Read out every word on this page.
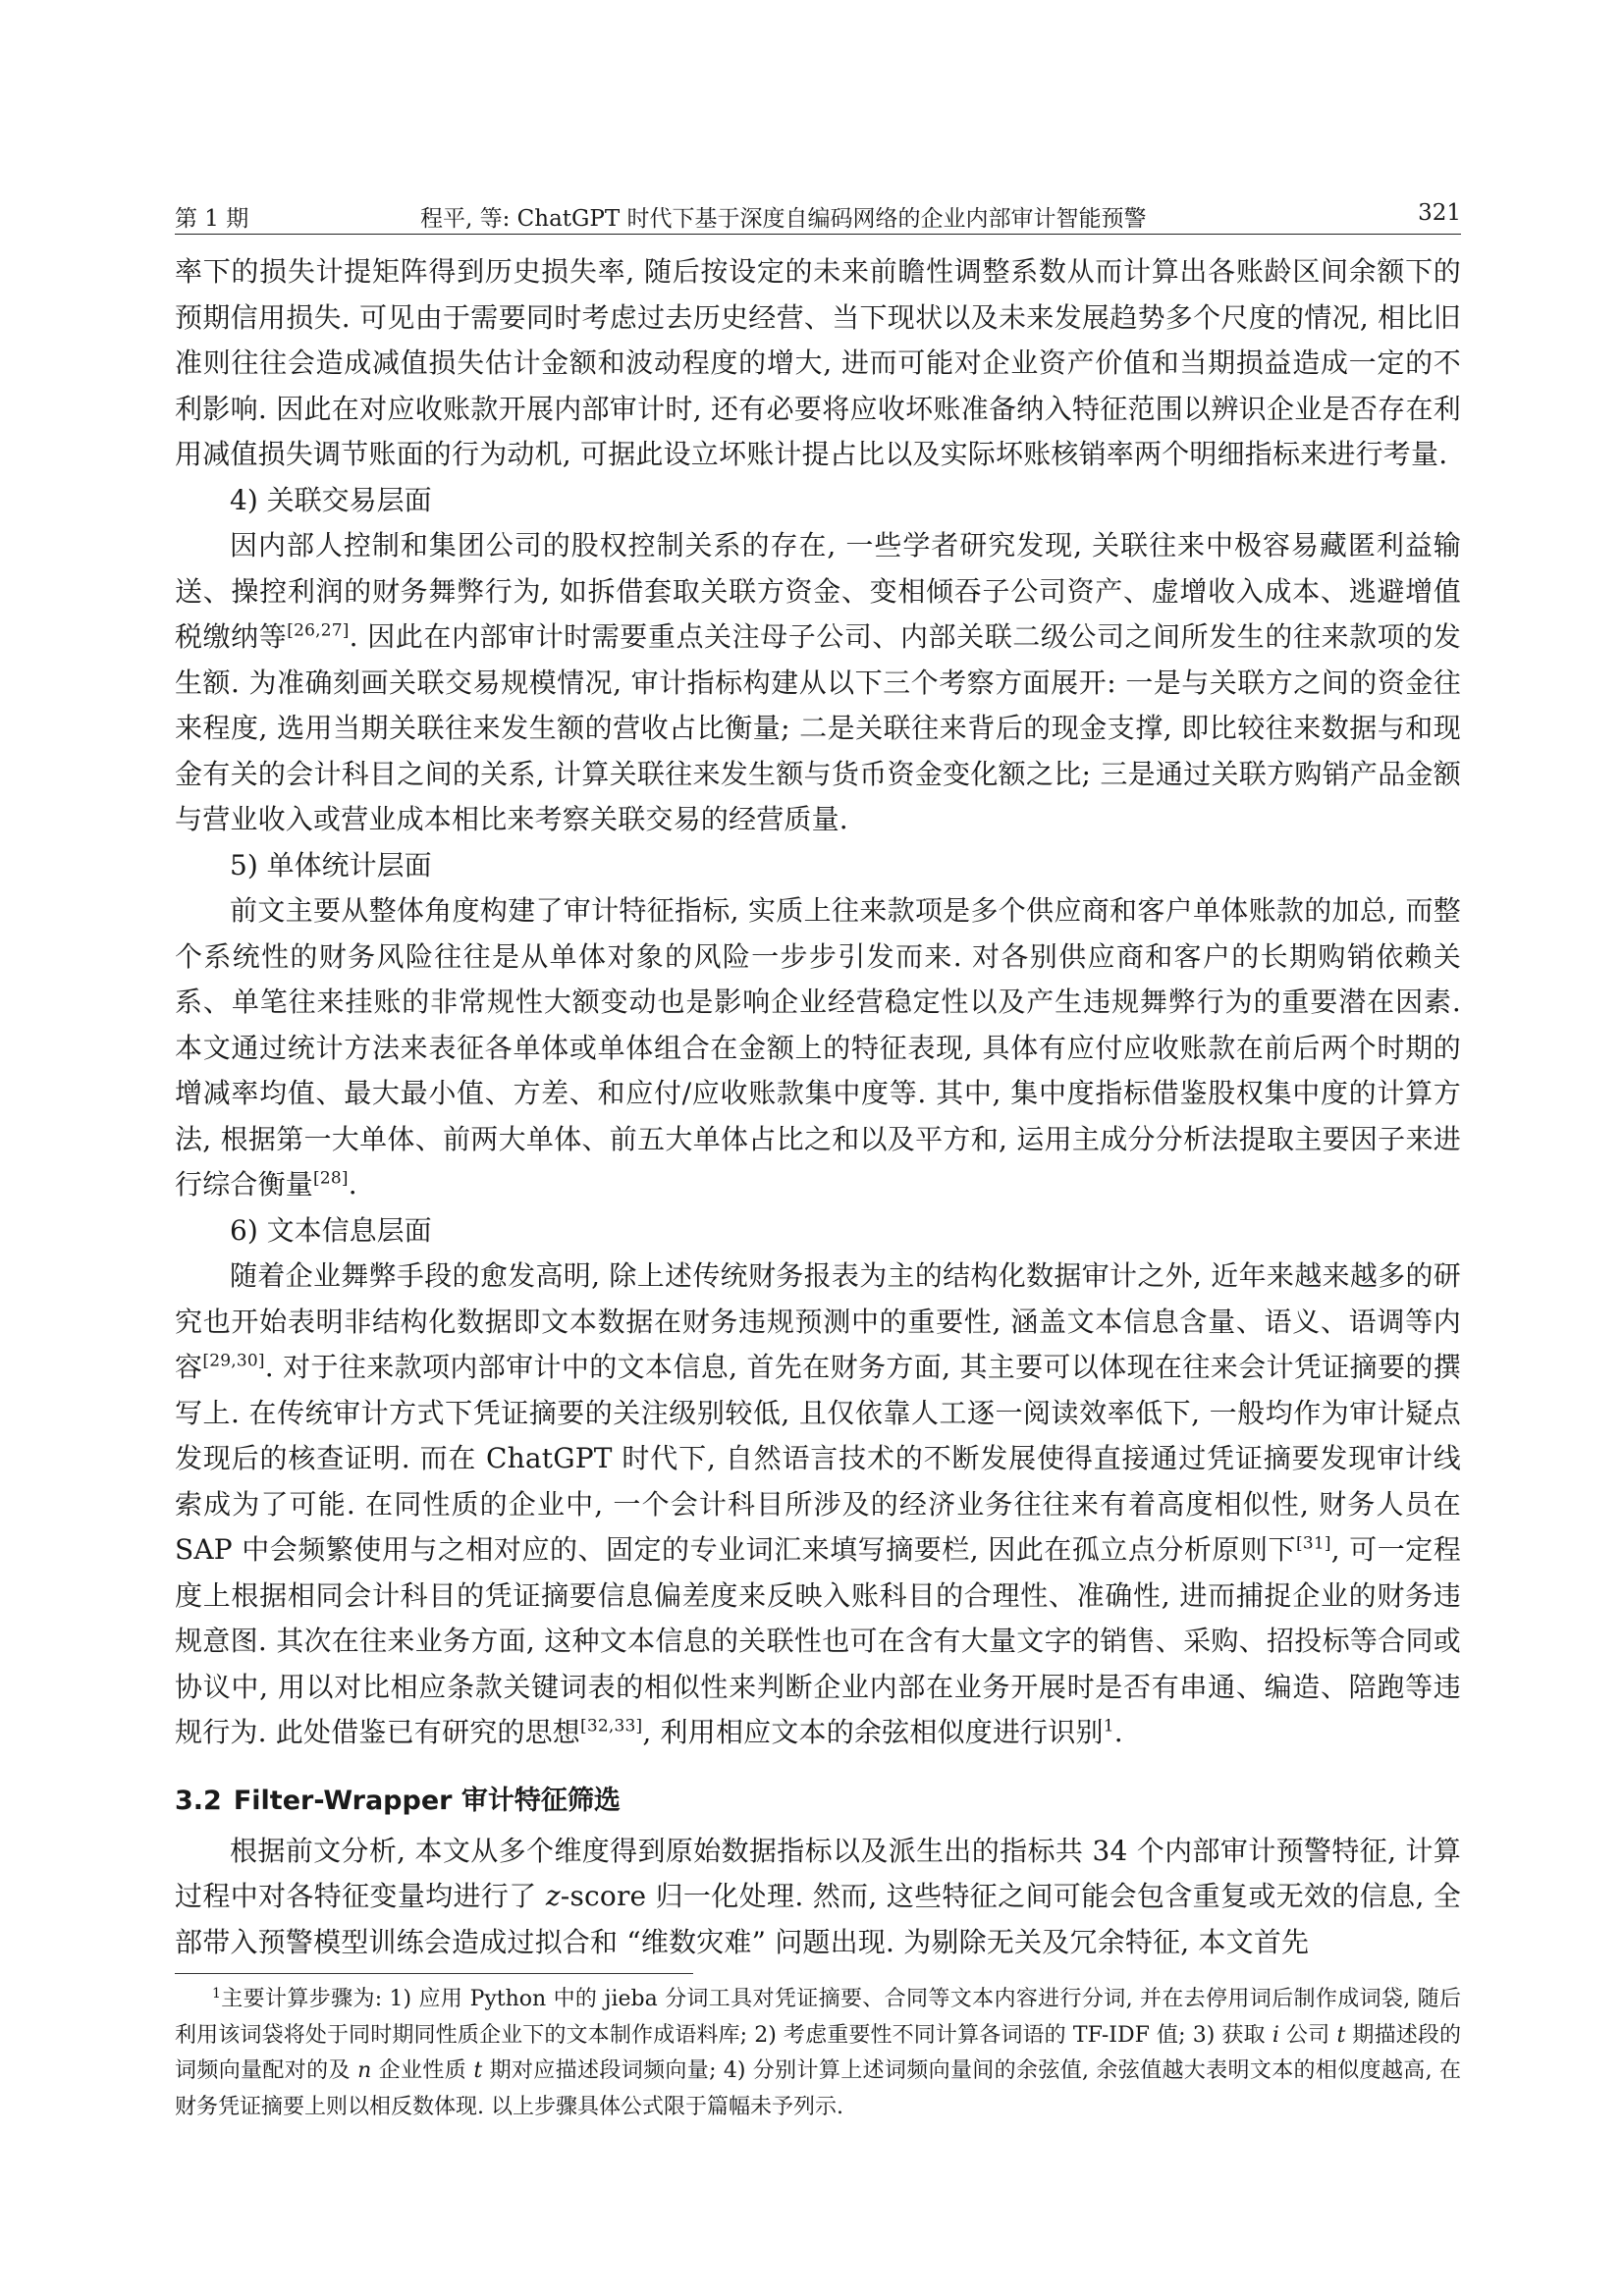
第 1 期	程平, 等: ChatGPT 时代下基于深度自编码网络的企业内部审计智能预警	321

率下的损失计提矩阵得到历史损失率, 随后按设定的未来前瞻性调整系数从而计算出各账龄区间余额下的预期信用损失. 可见由于需要同时考虑过去历史经营、当下现状以及未来发展趋势多个尺度的情况, 相比旧准则往往会造成减值损失估计金额和波动程度的增大, 进而可能对企业资产价值和当期损益造成一定的不利影响. 因此在对应收账款开展内部审计时, 还有必要将应收坏账准备纳入特征范围以辨识企业是否存在利用减值损失调节账面的行为动机, 可据此设立坏账计提占比以及实际坏账核销率两个明细指标来进行考量.

4) 关联交易层面

因内部人控制和集团公司的股权控制关系的存在, 一些学者研究发现, 关联往来中极容易藏匿利益输送、操控利润的财务舞弊行为, 如拆借套取关联方资金、变相倾吞子公司资产、虚增收入成本、逃避增值税缴纳等[26,27]. 因此在内部审计时需要重点关注母子公司、内部关联二级公司之间所发生的往来款项的发生额. 为准确刻画关联交易规模情况, 审计指标构建从以下三个考察方面展开: 一是与关联方之间的资金往来程度, 选用当期关联往来发生额的营收占比衡量; 二是关联往来背后的现金支撑, 即比较往来数据与和现金有关的会计科目之间的关系, 计算关联往来发生额与货币资金变化额之比; 三是通过关联方购销产品金额与营业收入或营业成本相比来考察关联交易的经营质量.

5) 单体统计层面

前文主要从整体角度构建了审计特征指标, 实质上往来款项是多个供应商和客户单体账款的加总, 而整个系统性的财务风险往往是从单体对象的风险一步步引发而来. 对各别供应商和客户的长期购销依赖关系、单笔往来挂账的非常规性大额变动也是影响企业经营稳定性以及产生违规舞弊行为的重要潜在因素. 本文通过统计方法来表征各单体或单体组合在金额上的特征表现, 具体有应付应收账款在前后两个时期的增减率均值、最大最小值、方差、和应付/应收账款集中度等. 其中, 集中度指标借鉴股权集中度的计算方法, 根据第一大单体、前两大单体、前五大单体占比之和以及平方和, 运用主成分分析法提取主要因子来进行综合衡量[28].

6) 文本信息层面

随着企业舞弊手段的愈发高明, 除上述传统财务报表为主的结构化数据审计之外, 近年来越来越多的研究也开始表明非结构化数据即文本数据在财务违规预测中的重要性, 涵盖文本信息含量、语义、语调等内容[29,30]. 对于往来款项内部审计中的文本信息, 首先在财务方面, 其主要可以体现在往来会计凭证摘要的撰写上. 在传统审计方式下凭证摘要的关注级别较低, 且仅依靠人工逐一阅读效率低下, 一般均作为审计疑点发现后的核查证明. 而在 ChatGPT 时代下, 自然语言技术的不断发展使得直接通过凭证摘要发现审计线索成为了可能. 在同性质的企业中, 一个会计科目所涉及的经济业务往往来有着高度相似性, 财务人员在 SAP 中会频繁使用与之相对应的、固定的专业词汇来填写摘要栏, 因此在孤立点分析原则下[31], 可一定程度上根据相同会计科目的凭证摘要信息偏差度来反映入账科目的合理性、准确性, 进而捕捉企业的财务违规意图. 其次在往来业务方面, 这种文本信息的关联性也可在含有大量文字的销售、采购、招投标等合同或协议中, 用以对比相应条款关键词表的相似性来判断企业内部在业务开展时是否有串通、编造、陪跑等违规行为. 此处借鉴已有研究的思想[32,33], 利用相应文本的余弦相似度进行识别$^1$.

3.2 Filter-Wrapper 审计特征筛选

根据前文分析, 本文从多个维度得到原始数据指标以及派生出的指标共 34 个内部审计预警特征, 计算过程中对各特征变量均进行了 z-score 归一化处理. 然而, 这些特征之间可能会包含重复或无效的信息, 全部带入预警模型训练会造成过拟合和 “维数灾难” 问题出现. 为剔除无关及冗余特征, 本文首先

$^1$主要计算步骤为: 1) 应用 Python 中的 jieba 分词工具对凭证摘要、合同等文本内容进行分词, 并在去停用词后制作成词袋, 随后利用该词袋将处于同时期同性质企业下的文本制作成语料库; 2) 考虑重要性不同计算各词语的 TF-IDF 值; 3) 获取 i 公司 t 期描述段的词频向量配对的及 n 企业性质 t 期对应描述段词频向量; 4) 分别计算上述词频向量间的余弦值, 余弦值越大表明文本的相似度越高, 在财务凭证摘要上则以相反数体现. 以上步骤具体公式限于篇幅未予列示.
